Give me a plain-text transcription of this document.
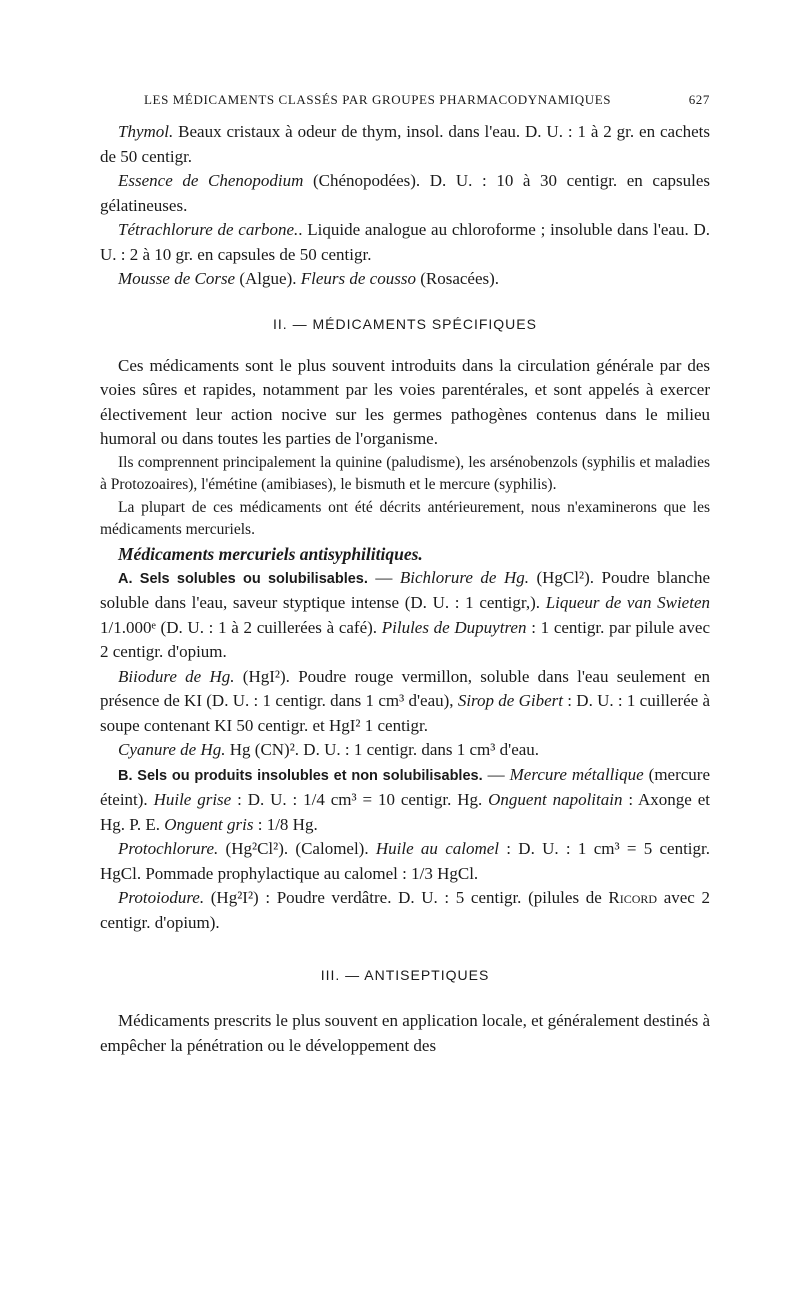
LES MÉDICAMENTS CLASSÉS PAR GROUPES PHARMACODYNAMIQUES	627

Thymol. Beaux cristaux à odeur de thym, insol. dans l'eau. D. U. : 1 à 2 gr. en cachets de 50 centigr.

Essence de Chenopodium (Chénopodées). D. U. : 10 à 30 centigr. en capsules gélatineuses.

Tétrachlorure de carbone.. Liquide analogue au chloroforme ; insoluble dans l'eau. D. U. : 2 à 10 gr. en capsules de 50 centigr.

Mousse de Corse (Algue). Fleurs de cousso (Rosacées).

II. — MÉDICAMENTS SPÉCIFIQUES

Ces médicaments sont le plus souvent introduits dans la circulation générale par des voies sûres et rapides, notamment par les voies parentérales, et sont appelés à exercer électivement leur action nocive sur les germes pathogènes contenus dans le milieu humoral ou dans toutes les parties de l'organisme.

Ils comprennent principalement la quinine (paludisme), les arsénobenzols (syphilis et maladies à Protozoaires), l'émétine (amibiases), le bismuth et le mercure (syphilis).

La plupart de ces médicaments ont été décrits antérieurement, nous n'examinerons que les médicaments mercuriels.

Médicaments mercuriels antisyphilitiques.

A. Sels solubles ou solubilisables. — Bichlorure de Hg. (HgCl²). Poudre blanche soluble dans l'eau, saveur styptique intense (D. U. : 1 centigr,). Liqueur de van Swieten 1/1.000ᵉ (D. U. : 1 à 2 cuillerées à café). Pilules de Dupuytren : 1 centigr. par pilule avec 2 centigr. d'opium.

Biiodure de Hg. (HgI²). Poudre rouge vermillon, soluble dans l'eau seulement en présence de KI (D. U. : 1 centigr. dans 1 cm³ d'eau), Sirop de Gibert : D. U. : 1 cuillerée à soupe contenant KI 50 centigr. et HgI² 1 centigr.

Cyanure de Hg. Hg (CN)². D. U. : 1 centigr. dans 1 cm³ d'eau.

B. Sels ou produits insolubles et non solubilisables. — Mercure métallique (mercure éteint). Huile grise : D. U. : 1/4 cm³ = 10 centigr. Hg. Onguent napolitain : Axonge et Hg. P. E. Onguent gris : 1/8 Hg.

Protochlorure. (Hg²Cl²). (Calomel). Huile au calomel : D. U. : 1 cm³ = 5 centigr. HgCl. Pommade prophylactique au calomel : 1/3 HgCl.

Protoiodure. (Hg²I²) : Poudre verdâtre. D. U. : 5 centigr. (pilules de Ricord avec 2 centigr. d'opium).

III. — ANTISEPTIQUES

Médicaments prescrits le plus souvent en application locale, et généralement destinés à empêcher la pénétration ou le développement des
